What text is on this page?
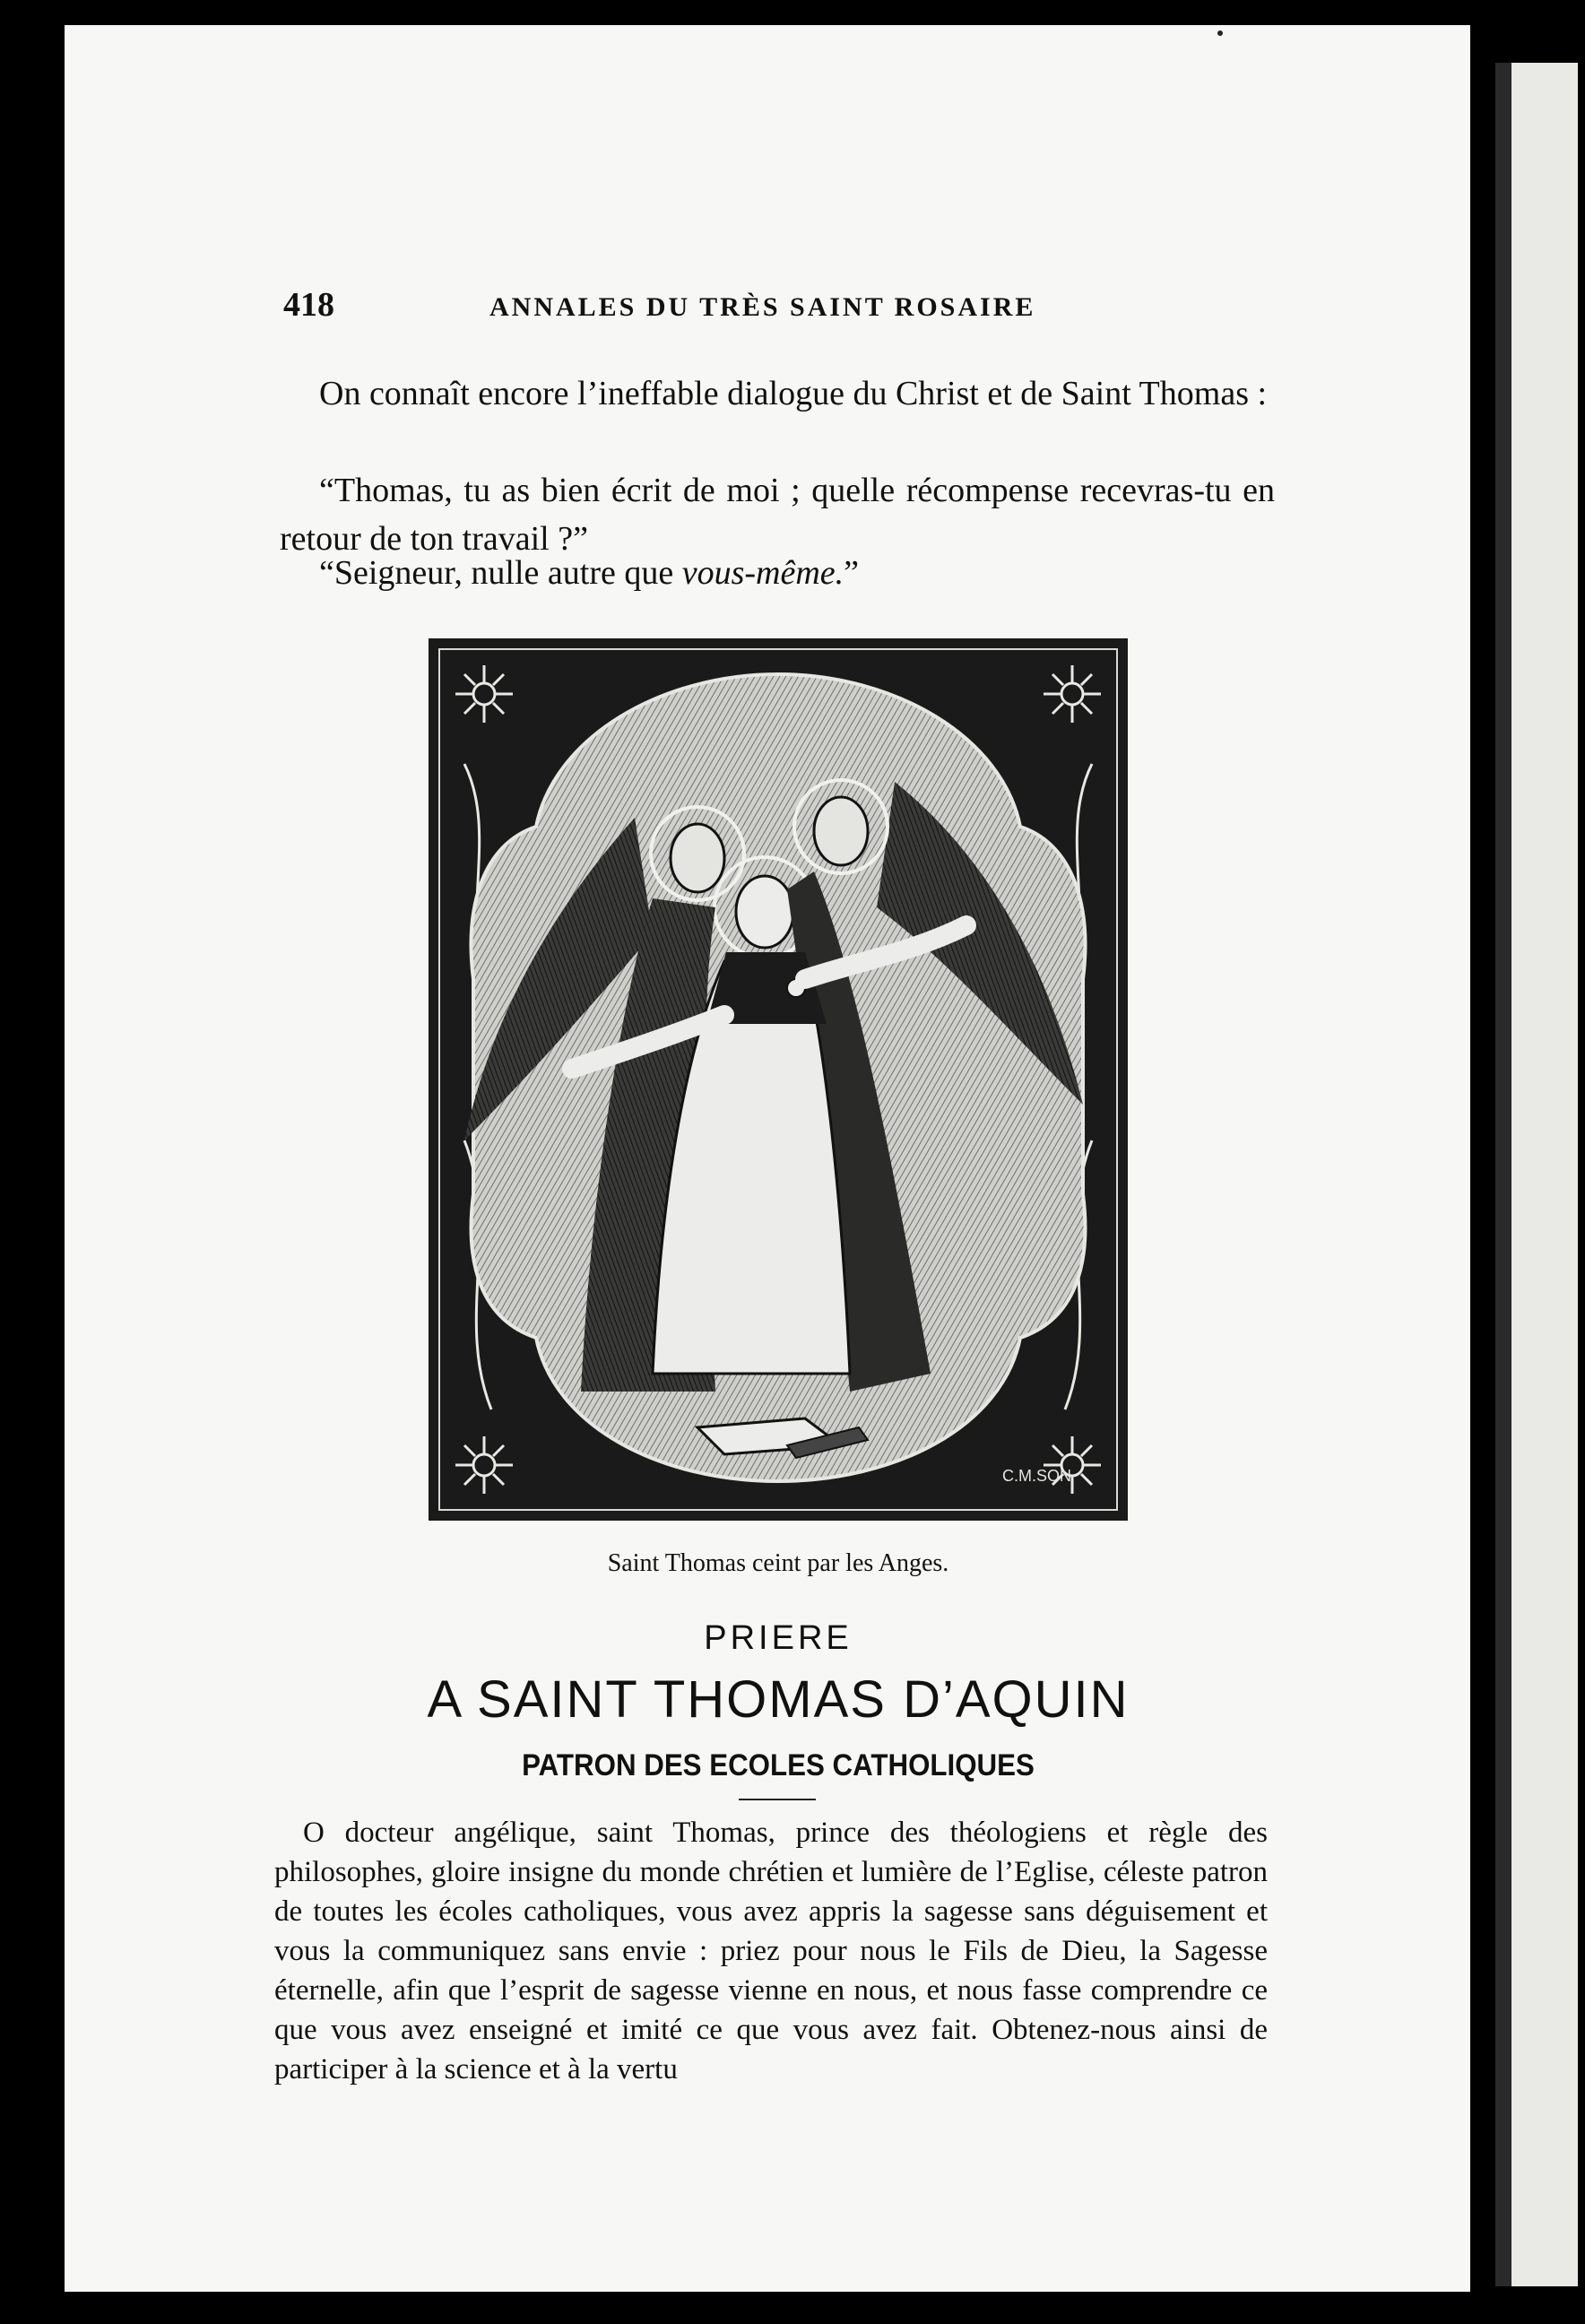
418	ANNALES DU TRÈS SAINT ROSAIRE

On connaît encore l’ineffable dialogue du Christ et de Saint Thomas :

“Thomas, tu as bien écrit de moi ; quelle récompense recevras-tu en retour de ton travail ?”

“Seigneur, nulle autre que vous-même.”

C.M.SON
Saint Thomas ceint par les Anges.
PRIERE
A SAINT THOMAS D’AQUIN
PATRON DES ECOLES CATHOLIQUES

O docteur angélique, saint Thomas, prince des théologiens et règle des philosophes, gloire insigne du monde chrétien et lumière de l’Eglise, céleste patron de toutes les écoles catholiques, vous avez appris la sagesse sans déguisement et vous la communiquez sans envie : priez pour nous le Fils de Dieu, la Sagesse éternelle, afin que l’esprit de sagesse vienne en nous, et nous fasse comprendre ce que vous avez enseigné et imité ce que vous avez fait. Obtenez-nous ainsi de participer à la science et à la vertu
